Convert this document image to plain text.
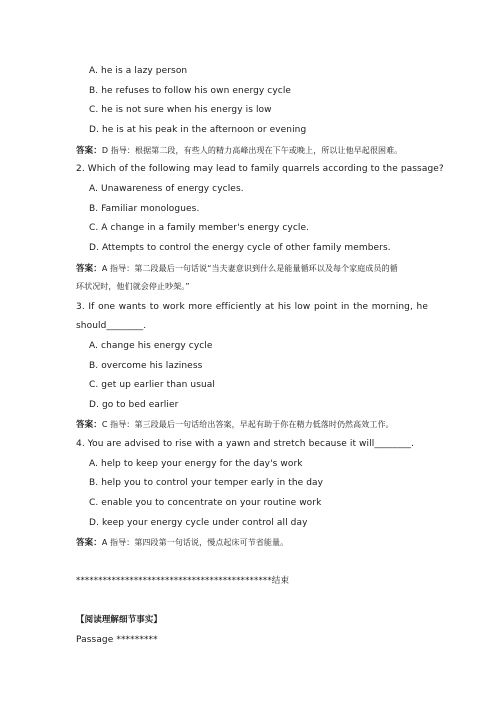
A. he is a lazy person
B. he refuses to follow his own energy cycle
C. he is not sure when his energy is low
D. he is at his peak in the afternoon or evening
答案：D 指导：根据第二段，有些人的精力高峰出现在下午或晚上，所以让他早起很困难。
2. Which of the following may lead to family quarrels according to the passage?
A. Unawareness of energy cycles.
B. Familiar monologues.
C. A change in a family member's energy cycle.
D. Attempts to control the energy cycle of other family members.
答案：A 指导：第二段最后一句话说“当夫妻意识到什么是能量循环以及每个家庭成员的循
环状况时，他们就会停止吵架。”
3. If one wants to work more efficiently at his low point in the morning, he
should________.
A. change his energy cycle
B. overcome his laziness
C. get up earlier than usual
D. go to bed earlier
答案：C 指导：第三段最后一句话给出答案，早起有助于你在精力低落时仍然高效工作。
4. You are advised to rise with a yawn and stretch because it will________.
A. help to keep your energy for the day's work
B. help you to control your temper early in the day
C. enable you to concentrate on your routine work
D. keep your energy cycle under control all day
答案：A 指导：第四段第一句话说，慢点起床可节省能量。
********************************************结束
【阅读理解细节事实】
Passage *********
